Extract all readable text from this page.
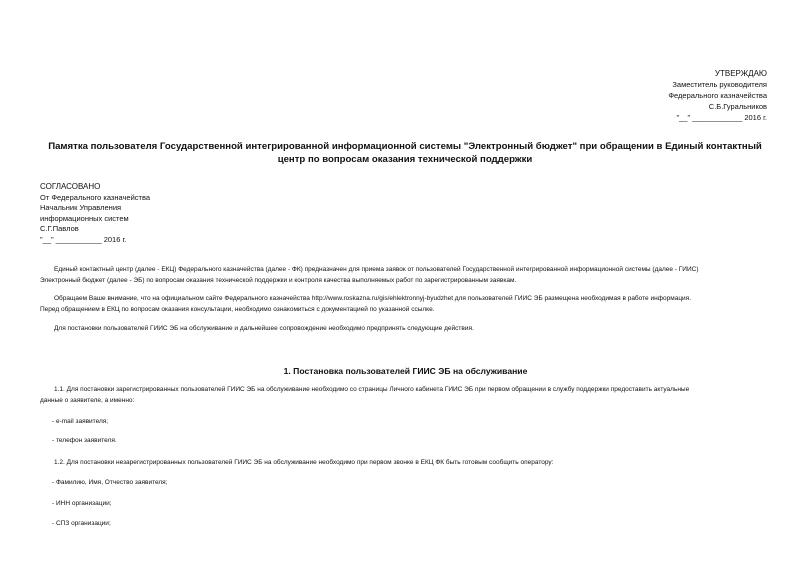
УТВЕРЖДАЮ
Заместитель руководителя
Федерального казначейства
С.Б.Гуральников
"__" ____________ 2016 г.
Памятка пользователя Государственной интегрированной информационной системы "Электронный бюджет" при обращении в Единый контактный центр по вопросам оказания технической поддержки
СОГЛАСОВАНО
От Федерального казначейства
Начальник Управления
информационных систем
С.Г.Павлов
"__" ___________ 2016 г.
Единый контактный центр (далее - ЕКЦ) Федерального казначейства (далее - ФК) предназначен для приема заявок от пользователей Государственной интегрированной информационной системы (далее - ГИИС)
Электронный бюджет (далее - ЭБ) по вопросам оказания технической поддержки и контроля качества выполняемых работ по зарегистрированным заявкам.
Обращаем Ваше внимание, что на официальном сайте Федерального казначейства http://www.roskazna.ru/gis/ehlektronnyj-byudzhet для пользователей ГИИС ЭБ размещена необходимая в работе информация.
Перед обращением в ЕКЦ по вопросам оказания консультации, необходимо ознакомиться с документацией по указанной ссылке.
Для постановки пользователей ГИИС ЭБ на обслуживание и дальнейшее сопровождение необходимо предпринять следующие действия.
1. Постановка пользователей ГИИС ЭБ на обслуживание
1.1. Для постановки зарегистрированных пользователей ГИИС ЭБ на обслуживание необходимо со страницы Личного кабинета ГИИС ЭБ при первом обращении в службу поддержки предоставить актуальные
данные о заявителе, а именно:
- e-mail заявителя;
- телефон заявителя.
1.2. Для постановки незарегистрированных пользователей ГИИС ЭБ на обслуживание необходимо при первом звонке в ЕКЦ ФК быть готовым сообщить оператору:
- Фамилию, Имя, Отчество заявителя;
- ИНН организации;
- СПЗ организации;
